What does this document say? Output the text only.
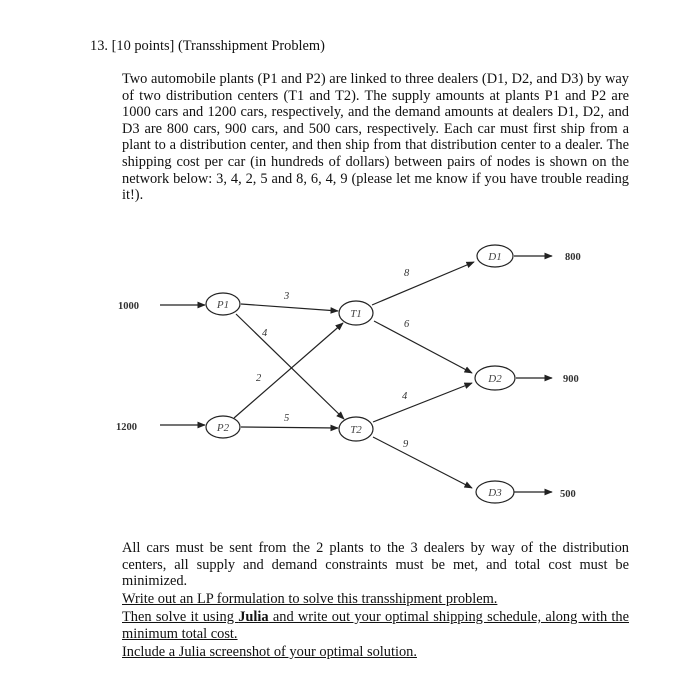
13. [10 points] (Transshipment Problem)

Two automobile plants (P1 and P2) are linked to three dealers (D1, D2, and D3) by way of two distribution centers (T1 and T2). The supply amounts at plants P1 and P2 are 1000 cars and 1200 cars, respectively, and the demand amounts at dealers D1, D2, and D3 are 800 cars, 900 cars, and 500 cars, respectively. Each car must first ship from a plant to a distribution center, and then ship from that distribution center to a dealer. The shipping cost per car (in hundreds of dollars) between pairs of nodes is shown on the network below: 3, 4, 2, 5 and 8, 6, 4, 9 (please let me know if you have trouble reading it!).

P1
P2
T1
T2
D1
D2
D3
1000
1200
800
900
500
3
4
2
5
8
6
4
9

All cars must be sent from the 2 plants to the 3 dealers by way of the distribution centers, all supply and demand constraints must be met, and total cost must be minimized.

Write out an LP formulation to solve this transshipment problem.
Then solve it using Julia and write out your optimal shipping schedule, along with the minimum total cost.
Include a Julia screenshot of your optimal solution.
